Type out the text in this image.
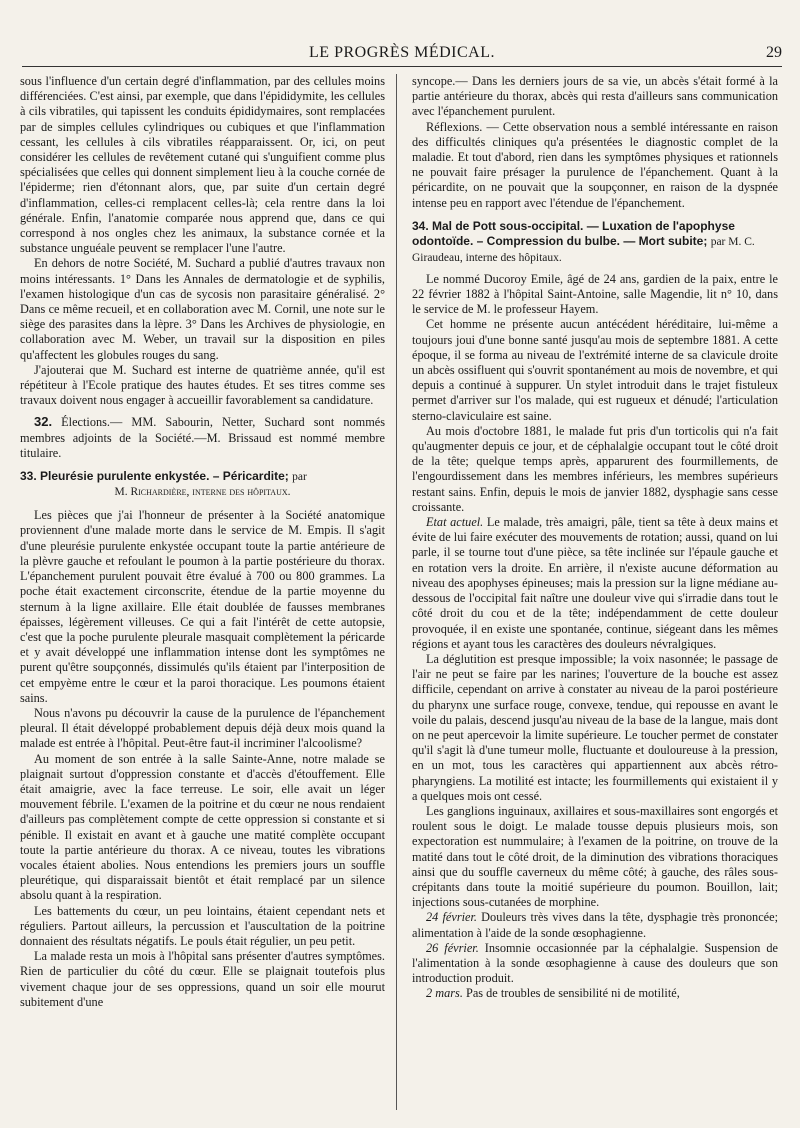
LE PROGRÈS MÉDICAL.	29

sous l'influence d'un certain degré d'inflammation, par des cellules moins différenciées. C'est ainsi, par exemple, que dans l'épididymite, les cellules à cils vibratiles, qui tapissent les conduits épididymaires, sont remplacées par de simples cellules cylindriques ou cubiques et que l'inflammation cessant, les cellules à cils vibratiles réapparaissent. Or, ici, on peut considérer les cellules de revêtement cutané qui s'unguifient comme plus spécialisées que celles qui donnent simplement lieu à la couche cornée de l'épiderme; rien d'étonnant alors, que, par suite d'un certain degré d'inflammation, celles-ci remplacent celles-là; cela rentre dans la loi générale. Enfin, l'anatomie comparée nous apprend que, dans ce qui correspond à nos ongles chez les animaux, la substance cornée et la substance unguéale peuvent se remplacer l'une l'autre.

En dehors de notre Société, M. Suchard a publié d'autres travaux non moins intéressants. 1° Dans les Annales de dermatologie et de syphilis, l'examen histologique d'un cas de sycosis non parasitaire généralisé. 2° Dans ce même recueil, et en collaboration avec M. Cornil, une note sur le siège des parasites dans la lèpre. 3° Dans les Archives de physiologie, en collaboration avec M. Weber, un travail sur la disposition en piles qu'affectent les globules rouges du sang.

J'ajouterai que M. Suchard est interne de quatrième année, qu'il est répétiteur à l'Ecole pratique des hautes études. Et ses titres comme ses travaux doivent nous engager à accueillir favorablement sa candidature.

32. Élections.— MM. Sabourin, Netter, Suchard sont nommés membres adjoints de la Société.—M. Brissaud est nommé membre titulaire.

33. Pleurésie purulente enkystée. – Péricardite; par
M. Richardière, interne des hôpitaux.

Les pièces que j'ai l'honneur de présenter à la Société anatomique proviennent d'une malade morte dans le service de M. Empis. Il s'agit d'une pleurésie purulente enkystée occupant toute la partie antérieure de la plèvre gauche et refoulant le poumon à la partie postérieure du thorax. L'épanchement purulent pouvait être évalué à 700 ou 800 grammes. La poche était exactement circonscrite, étendue de la partie moyenne du sternum à la ligne axillaire. Elle était doublée de fausses membranes épaisses, légèrement villeuses. Ce qui a fait l'intérêt de cette autopsie, c'est que la poche purulente pleurale masquait complètement la péricarde et y avait développé une inflammation intense dont les symptômes ne purent qu'être soupçonnés, dissimulés qu'ils étaient par l'interposition de cet empyème entre le cœur et la paroi thoracique. Les poumons étaient sains.

Nous n'avons pu découvrir la cause de la purulence de l'épanchement pleural. Il était développé probablement depuis déjà deux mois quand la malade est entrée à l'hôpital. Peut-être faut-il incriminer l'alcoolisme?

Au moment de son entrée à la salle Sainte-Anne, notre malade se plaignait surtout d'oppression constante et d'accès d'étouffement. Elle était amaigrie, avec la face terreuse. Le soir, elle avait un léger mouvement fébrile. L'examen de la poitrine et du cœur ne nous rendaient d'ailleurs pas complètement compte de cette oppression si constante et si pénible. Il existait en avant et à gauche une matité complète occupant toute la partie antérieure du thorax. A ce niveau, toutes les vibrations vocales étaient abolies. Nous entendions les premiers jours un souffle pleurétique, qui disparaissait bientôt et était remplacé par un silence absolu quant à la respiration.

Les battements du cœur, un peu lointains, étaient cependant nets et réguliers. Partout ailleurs, la percussion et l'auscultation de la poitrine donnaient des résultats négatifs. Le pouls était régulier, un peu petit.

La malade resta un mois à l'hôpital sans présenter d'autres symptômes. Rien de particulier du côté du cœur. Elle se plaignait toutefois plus vivement chaque jour de ses oppressions, quand un soir elle mourut subitement d'une

syncope.— Dans les derniers jours de sa vie, un abcès s'était formé à la partie antérieure du thorax, abcès qui resta d'ailleurs sans communication avec l'épanchement purulent.

Réflexions. — Cette observation nous a semblé intéressante en raison des difficultés cliniques qu'a présentées le diagnostic complet de la maladie. Et tout d'abord, rien dans les symptômes physiques et rationnels ne pouvait faire présager la purulence de l'épanchement. Quant à la péricardite, on ne pouvait que la soupçonner, en raison de la dyspnée intense peu en rapport avec l'étendue de l'épanchement.

34. Mal de Pott sous-occipital. — Luxation de l'apophyse odontoïde. – Compression du bulbe. — Mort subite; par M. C. Giraudeau, interne des hôpitaux.

Le nommé Ducoroy Emile, âgé de 24 ans, gardien de la paix, entre le 22 février 1882 à l'hôpital Saint-Antoine, salle Magendie, lit n° 10, dans le service de M. le professeur Hayem.

Cet homme ne présente aucun antécédent héréditaire, lui-même a toujours joui d'une bonne santé jusqu'au mois de septembre 1881. A cette époque, il se forma au niveau de l'extrémité interne de sa clavicule droite un abcès ossifluent qui s'ouvrit spontanément au mois de novembre, et qui depuis a continué à suppurer. Un stylet introduit dans le trajet fistuleux permet d'arriver sur l'os malade, qui est rugueux et dénudé; l'articulation sterno-claviculaire est saine.

Au mois d'octobre 1881, le malade fut pris d'un torticolis qui n'a fait qu'augmenter depuis ce jour, et de céphalalgie occupant tout le côté droit de la tête; quelque temps après, apparurent des fourmillements, de l'engourdissement dans les membres inférieurs, les membres supérieurs restant sains. Enfin, depuis le mois de janvier 1882, dysphagie sans cesse croissante.

Etat actuel. Le malade, très amaigri, pâle, tient sa tête à deux mains et évite de lui faire exécuter des mouvements de rotation; aussi, quand on lui parle, il se tourne tout d'une pièce, sa tête inclinée sur l'épaule gauche et en rotation vers la droite. En arrière, il n'existe aucune déformation au niveau des apophyses épineuses; mais la pression sur la ligne médiane au-dessous de l'occipital fait naître une douleur vive qui s'irradie dans tout le côté droit du cou et de la tête; indépendamment de cette douleur provoquée, il en existe une spontanée, continue, siégeant dans les mêmes régions et ayant tous les caractères des douleurs névralgiques.

La déglutition est presque impossible; la voix nasonnée; le passage de l'air ne peut se faire par les narines; l'ouverture de la bouche est assez difficile, cependant on arrive à constater au niveau de la paroi postérieure du pharynx une surface rouge, convexe, tendue, qui repousse en avant le voile du palais, descend jusqu'au niveau de la base de la langue, mais dont on ne peut apercevoir la limite supérieure. Le toucher permet de constater qu'il s'agit là d'une tumeur molle, fluctuante et douloureuse à la pression, en un mot, tous les caractères qui appartiennent aux abcès rétro-pharyngiens. La motilité est intacte; les fourmillements qui existaient il y a quelques mois ont cessé.

Les ganglions inguinaux, axillaires et sous-maxillaires sont engorgés et roulent sous le doigt. Le malade tousse depuis plusieurs mois, son expectoration est nummulaire; à l'examen de la poitrine, on trouve de la matité dans tout le côté droit, de la diminution des vibrations thoraciques ainsi que du souffle caverneux du même côté; à gauche, des râles sous-crépitants dans toute la moitié supérieure du poumon. Bouillon, lait; injections sous-cutanées de morphine.

24 février. Douleurs très vives dans la tête, dysphagie très prononcée; alimentation à l'aide de la sonde œsophagienne.

26 février. Insomnie occasionnée par la céphalalgie. Suspension de l'alimentation à la sonde œsophagienne à cause des douleurs que son introduction produit.

2 mars. Pas de troubles de sensibilité ni de motilité,
